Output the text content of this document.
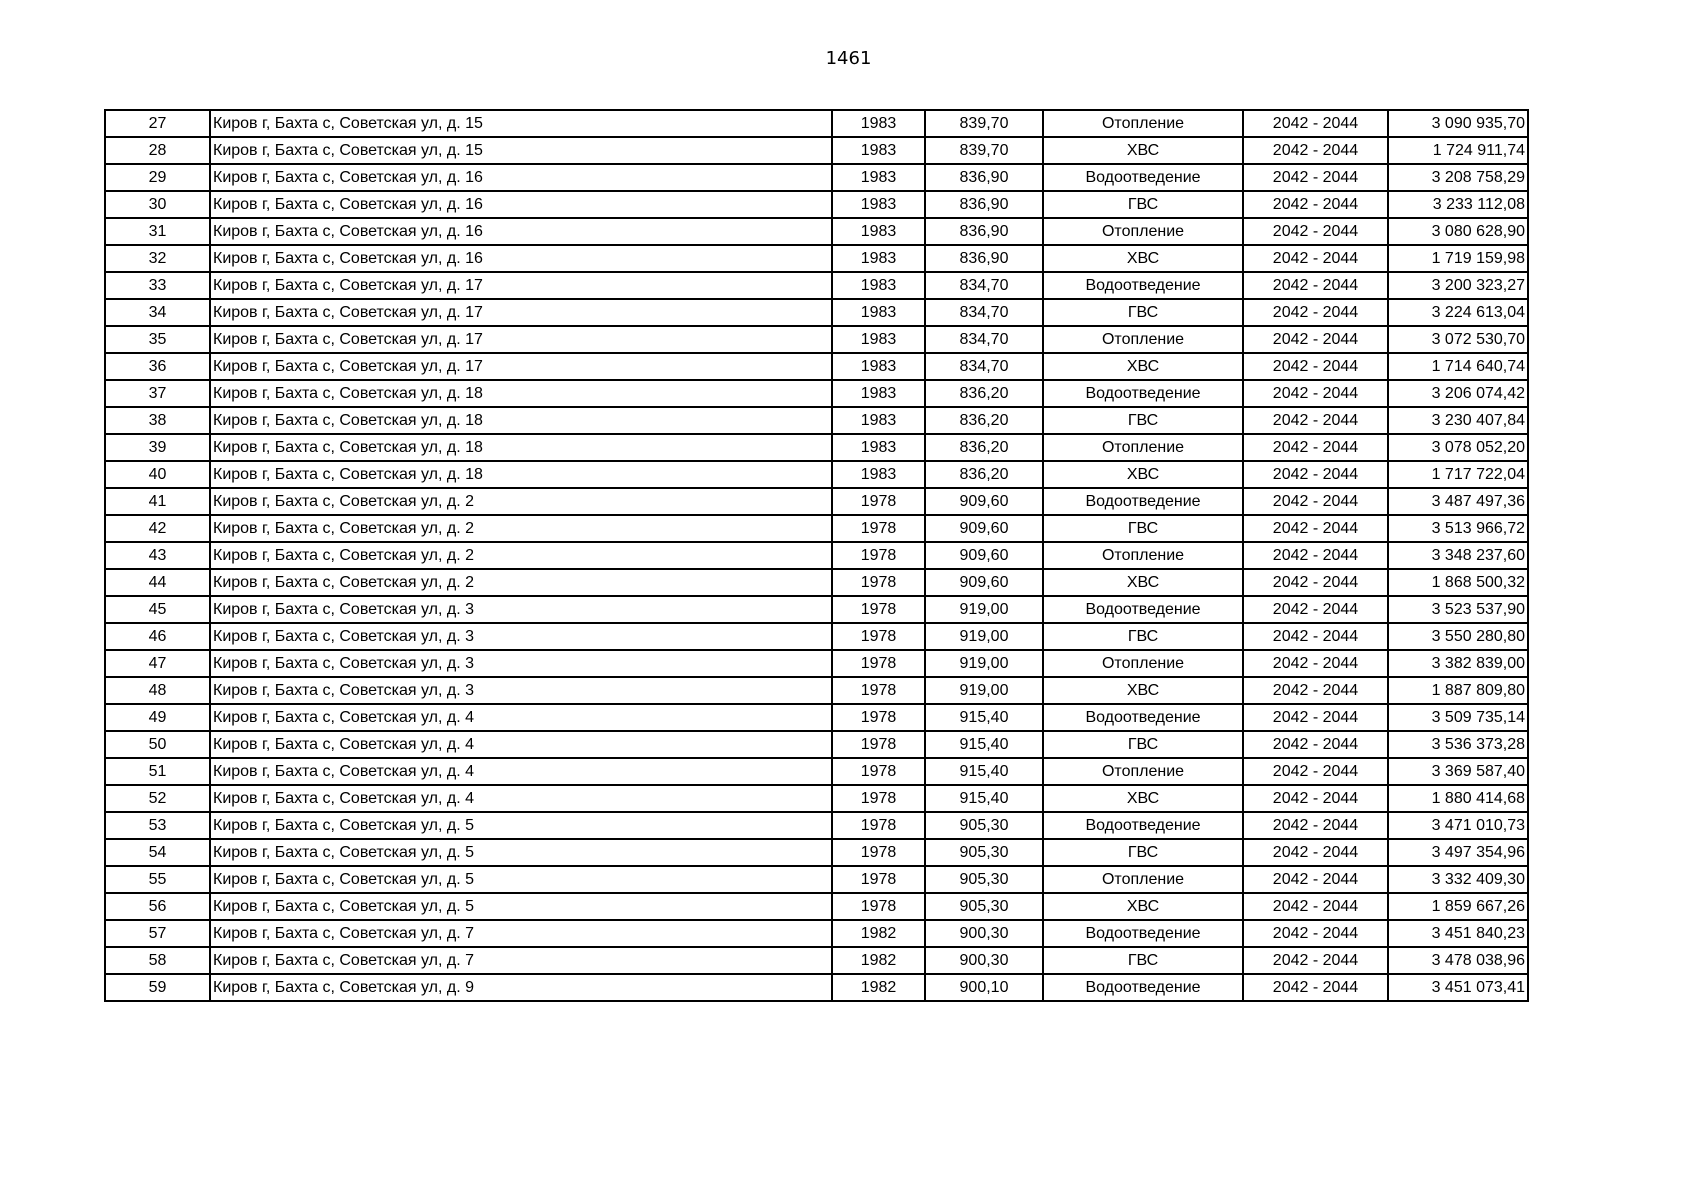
1461
27	Киров г, Бахта с, Советская ул, д. 15	1983	839,70	Отопление	2042 - 2044	3 090 935,70
28	Киров г, Бахта с, Советская ул, д. 15	1983	839,70	ХВС	2042 - 2044	1 724 911,74
29	Киров г, Бахта с, Советская ул, д. 16	1983	836,90	Водоотведение	2042 - 2044	3 208 758,29
30	Киров г, Бахта с, Советская ул, д. 16	1983	836,90	ГВС	2042 - 2044	3 233 112,08
31	Киров г, Бахта с, Советская ул, д. 16	1983	836,90	Отопление	2042 - 2044	3 080 628,90
32	Киров г, Бахта с, Советская ул, д. 16	1983	836,90	ХВС	2042 - 2044	1 719 159,98
33	Киров г, Бахта с, Советская ул, д. 17	1983	834,70	Водоотведение	2042 - 2044	3 200 323,27
34	Киров г, Бахта с, Советская ул, д. 17	1983	834,70	ГВС	2042 - 2044	3 224 613,04
35	Киров г, Бахта с, Советская ул, д. 17	1983	834,70	Отопление	2042 - 2044	3 072 530,70
36	Киров г, Бахта с, Советская ул, д. 17	1983	834,70	ХВС	2042 - 2044	1 714 640,74
37	Киров г, Бахта с, Советская ул, д. 18	1983	836,20	Водоотведение	2042 - 2044	3 206 074,42
38	Киров г, Бахта с, Советская ул, д. 18	1983	836,20	ГВС	2042 - 2044	3 230 407,84
39	Киров г, Бахта с, Советская ул, д. 18	1983	836,20	Отопление	2042 - 2044	3 078 052,20
40	Киров г, Бахта с, Советская ул, д. 18	1983	836,20	ХВС	2042 - 2044	1 717 722,04
41	Киров г, Бахта с, Советская ул, д. 2	1978	909,60	Водоотведение	2042 - 2044	3 487 497,36
42	Киров г, Бахта с, Советская ул, д. 2	1978	909,60	ГВС	2042 - 2044	3 513 966,72
43	Киров г, Бахта с, Советская ул, д. 2	1978	909,60	Отопление	2042 - 2044	3 348 237,60
44	Киров г, Бахта с, Советская ул, д. 2	1978	909,60	ХВС	2042 - 2044	1 868 500,32
45	Киров г, Бахта с, Советская ул, д. 3	1978	919,00	Водоотведение	2042 - 2044	3 523 537,90
46	Киров г, Бахта с, Советская ул, д. 3	1978	919,00	ГВС	2042 - 2044	3 550 280,80
47	Киров г, Бахта с, Советская ул, д. 3	1978	919,00	Отопление	2042 - 2044	3 382 839,00
48	Киров г, Бахта с, Советская ул, д. 3	1978	919,00	ХВС	2042 - 2044	1 887 809,80
49	Киров г, Бахта с, Советская ул, д. 4	1978	915,40	Водоотведение	2042 - 2044	3 509 735,14
50	Киров г, Бахта с, Советская ул, д. 4	1978	915,40	ГВС	2042 - 2044	3 536 373,28
51	Киров г, Бахта с, Советская ул, д. 4	1978	915,40	Отопление	2042 - 2044	3 369 587,40
52	Киров г, Бахта с, Советская ул, д. 4	1978	915,40	ХВС	2042 - 2044	1 880 414,68
53	Киров г, Бахта с, Советская ул, д. 5	1978	905,30	Водоотведение	2042 - 2044	3 471 010,73
54	Киров г, Бахта с, Советская ул, д. 5	1978	905,30	ГВС	2042 - 2044	3 497 354,96
55	Киров г, Бахта с, Советская ул, д. 5	1978	905,30	Отопление	2042 - 2044	3 332 409,30
56	Киров г, Бахта с, Советская ул, д. 5	1978	905,30	ХВС	2042 - 2044	1 859 667,26
57	Киров г, Бахта с, Советская ул, д. 7	1982	900,30	Водоотведение	2042 - 2044	3 451 840,23
58	Киров г, Бахта с, Советская ул, д. 7	1982	900,30	ГВС	2042 - 2044	3 478 038,96
59	Киров г, Бахта с, Советская ул, д. 9	1982	900,10	Водоотведение	2042 - 2044	3 451 073,41
